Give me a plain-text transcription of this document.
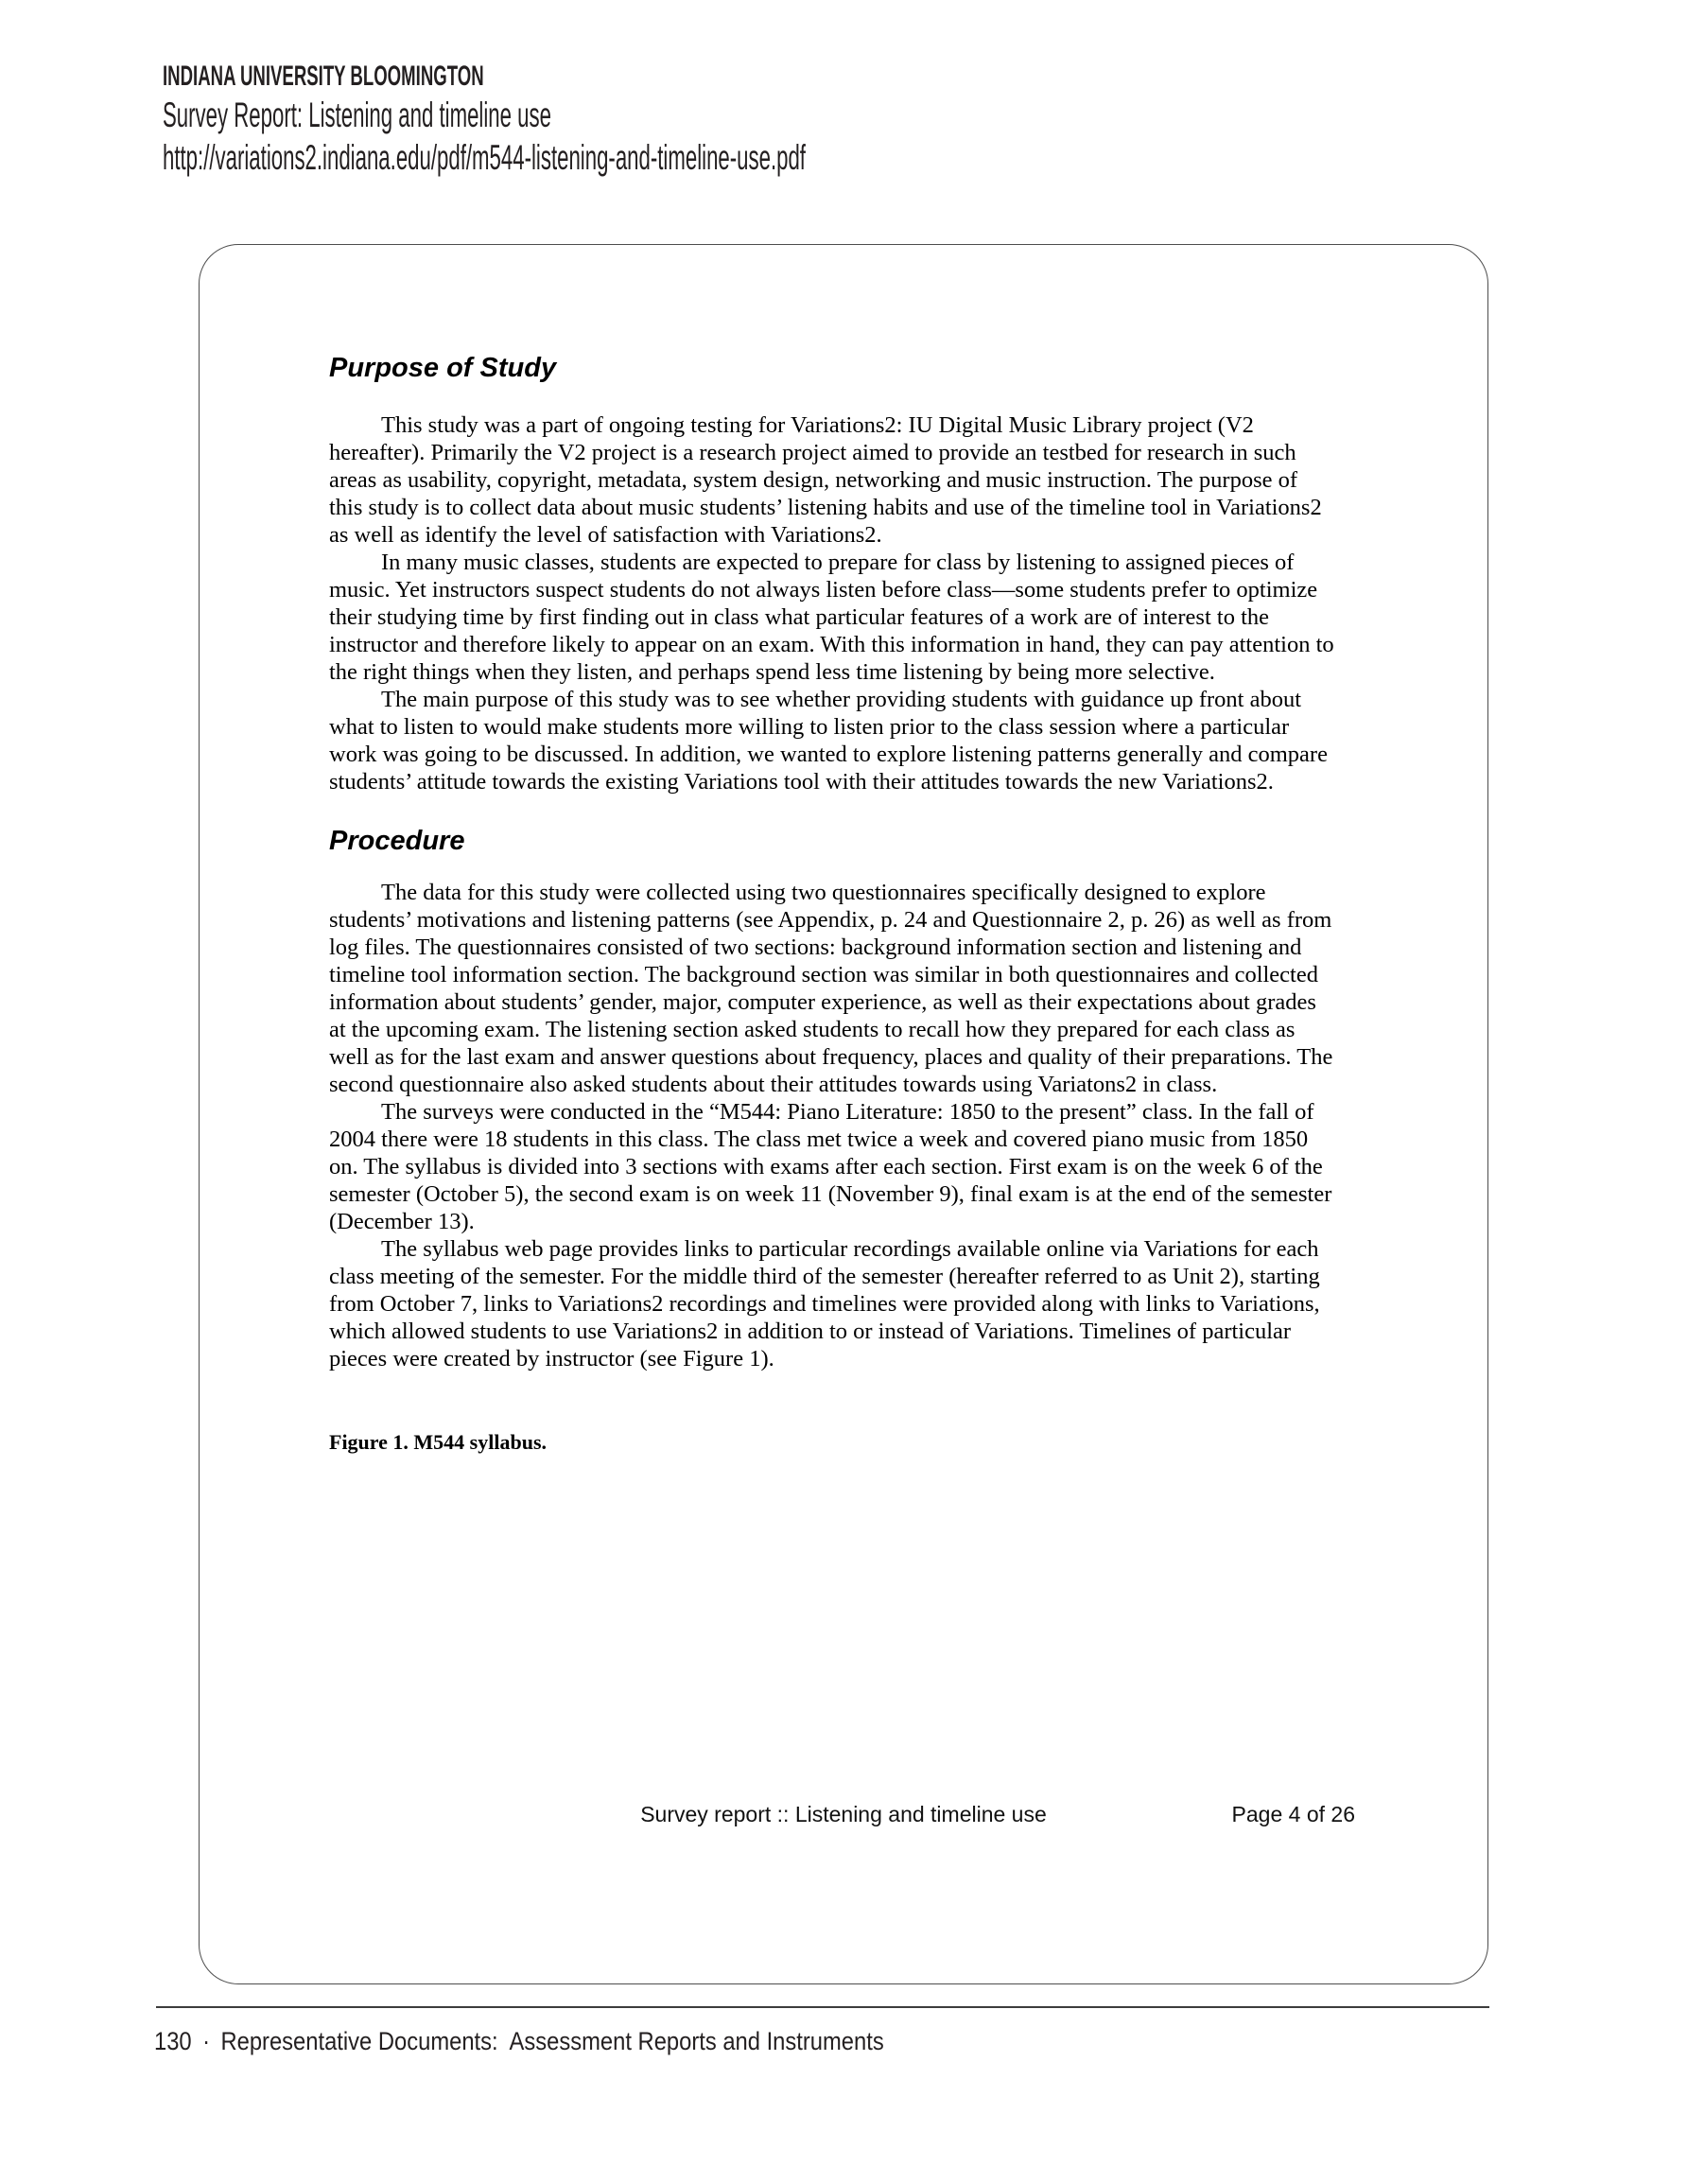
INDIANA UNIVERSITY BLOOMINGTON
Survey Report: Listening and timeline use
http://variations2.indiana.edu/pdf/m544-listening-and-timeline-use.pdf
Purpose of Study

This study was a part of ongoing testing for Variations2: IU Digital Music Library project (V2 hereafter). Primarily the V2 project is a research project aimed to provide an testbed for research in such areas as usability, copyright, metadata, system design, networking and music instruction. The purpose of this study is to collect data about music students’ listening habits and use of the timeline tool in Variations2 as well as identify the level of satisfaction with Variations2.

In many music classes, students are expected to prepare for class by listening to assigned pieces of music. Yet instructors suspect students do not always listen before class—some students prefer to optimize their studying time by first finding out in class what particular features of a work are of interest to the instructor and therefore likely to appear on an exam. With this information in hand, they can pay attention to the right things when they listen, and perhaps spend less time listening by being more selective.

The main purpose of this study was to see whether providing students with guidance up front about what to listen to would make students more willing to listen prior to the class session where a particular work was going to be discussed. In addition, we wanted to explore listening patterns generally and compare students’ attitude towards the existing Variations tool with their attitudes towards the new Variations2.

Procedure

The data for this study were collected using two questionnaires specifically designed to explore students’ motivations and listening patterns (see Appendix, p. 24 and Questionnaire 2, p. 26) as well as from log files. The questionnaires consisted of two sections: background information section and listening and timeline tool information section. The background section was similar in both questionnaires and collected information about students’ gender, major, computer experience, as well as their expectations about grades at the upcoming exam. The listening section asked students to recall how they prepared for each class as well as for the last exam and answer questions about frequency, places and quality of their preparations. The second questionnaire also asked students about their attitudes towards using Variatons2 in class.

The surveys were conducted in the “M544: Piano Literature: 1850 to the present” class. In the fall of 2004 there were 18 students in this class. The class met twice a week and covered piano music from 1850 on. The syllabus is divided into 3 sections with exams after each section. First exam is on the week 6 of the semester (October 5), the second exam is on week 11 (November 9), final exam is at the end of the semester (December 13).

The syllabus web page provides links to particular recordings available online via Variations for each class meeting of the semester. For the middle third of the semester (hereafter referred to as Unit 2), starting from October 7, links to Variations2 recordings and timelines were provided along with links to Variations, which allowed students to use Variations2 in addition to or instead of Variations. Timelines of particular pieces were created by instructor (see Figure 1).

Figure 1. M544 syllabus.
Survey report :: Listening and timeline use	Page 4 of 26
130 · Representative Documents:  Assessment Reports and Instruments
